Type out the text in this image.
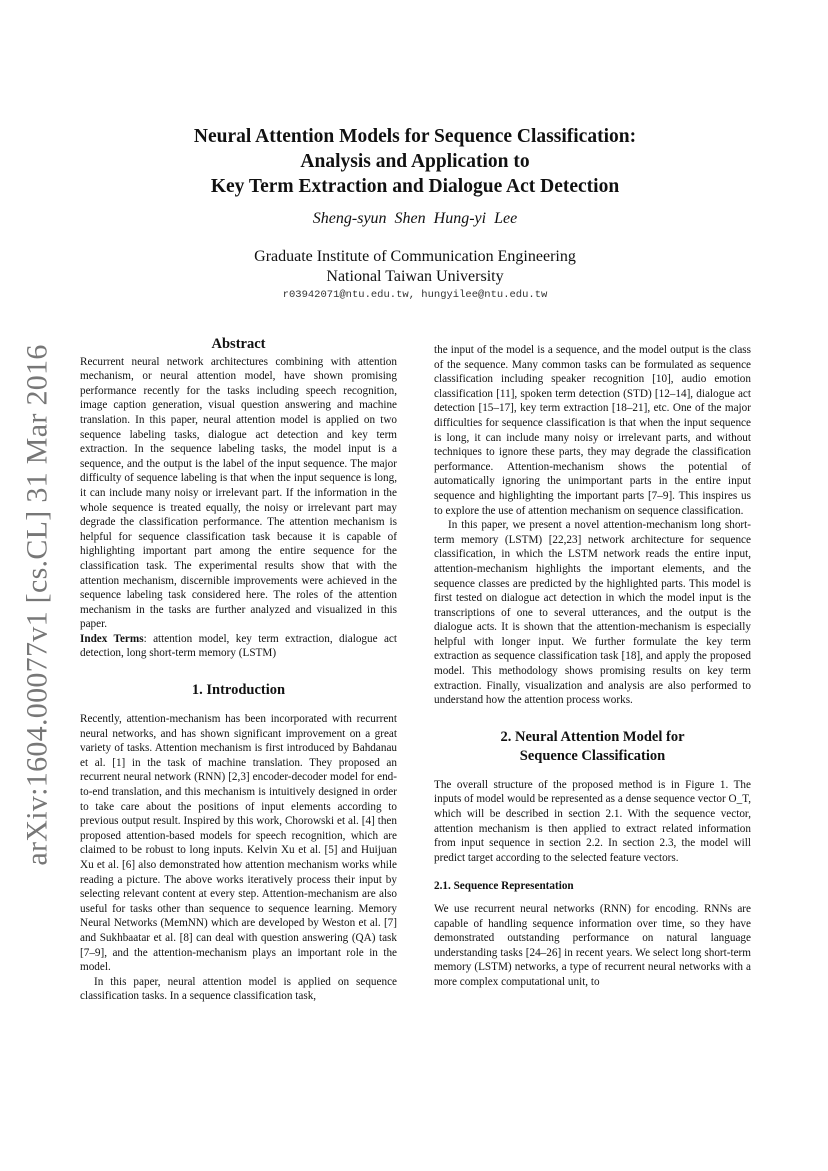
arXiv:1604.00077v1 [cs.CL] 31 Mar 2016
Neural Attention Models for Sequence Classification:
Analysis and Application to
Key Term Extraction and Dialogue Act Detection
Sheng-syun Shen Hung-yi Lee
Graduate Institute of Communication Engineering
National Taiwan University
r03942071@ntu.edu.tw, hungyilee@ntu.edu.tw
Abstract

Recurrent neural network architectures combining with attention mechanism, or neural attention model, have shown promising performance recently for the tasks including speech recognition, image caption generation, visual question answering and machine translation. In this paper, neural attention model is applied on two sequence labeling tasks, dialogue act detection and key term extraction. In the sequence labeling tasks, the model input is a sequence, and the output is the label of the input sequence. The major difficulty of sequence labeling is that when the input sequence is long, it can include many noisy or irrelevant part. If the information in the whole sequence is treated equally, the noisy or irrelevant part may degrade the classification performance. The attention mechanism is helpful for sequence classification task because it is capable of highlighting important part among the entire sequence for the classification task. The experimental results show that with the attention mechanism, discernible improvements were achieved in the sequence labeling task considered here. The roles of the attention mechanism in the tasks are further analyzed and visualized in this paper.

Index Terms: attention model, key term extraction, dialogue act detection, long short-term memory (LSTM)

1. Introduction

Recently, attention-mechanism has been incorporated with recurrent neural networks, and has shown significant improvement on a great variety of tasks. Attention mechanism is first introduced by Bahdanau et al. [1] in the task of machine translation. They proposed an recurrent neural network (RNN) [2,3] encoder-decoder model for end-to-end translation, and this mechanism is intuitively designed in order to take care about the positions of input elements according to previous output result. Inspired by this work, Chorowski et al. [4] then proposed attention-based models for speech recognition, which are claimed to be robust to long inputs. Kelvin Xu et al. [5] and Huijuan Xu et al. [6] also demonstrated how attention mechanism works while reading a picture. The above works iteratively process their input by selecting relevant content at every step. Attention-mechanism are also useful for tasks other than sequence to sequence learning. Memory Neural Networks (MemNN) which are developed by Weston et al. [7] and Sukhbaatar et al. [8] can deal with question answering (QA) task [7–9], and the attention-mechanism plays an important role in the model.

In this paper, neural attention model is applied on sequence classification tasks. In a sequence classification task,

the input of the model is a sequence, and the model output is the class of the sequence. Many common tasks can be formulated as sequence classification including speaker recognition [10], audio emotion classification [11], spoken term detection (STD) [12–14], dialogue act detection [15–17], key term extraction [18–21], etc. One of the major difficulties for sequence classification is that when the input sequence is long, it can include many noisy or irrelevant parts, and without techniques to ignore these parts, they may degrade the classification performance. Attention-mechanism shows the potential of automatically ignoring the unimportant parts in the entire input sequence and highlighting the important parts [7–9]. This inspires us to explore the use of attention mechanism on sequence classification.

In this paper, we present a novel attention-mechanism long short-term memory (LSTM) [22,23] network architecture for sequence classification, in which the LSTM network reads the entire input, attention-mechanism highlights the important elements, and the sequence classes are predicted by the highlighted parts. This model is first tested on dialogue act detection in which the model input is the transcriptions of one to several utterances, and the output is the dialogue acts. It is shown that the attention-mechanism is especially helpful with longer input. We further formulate the key term extraction as sequence classification task [18], and apply the proposed model. This methodology shows promising results on key term extraction. Finally, visualization and analysis are also performed to understand how the attention process works.

2. Neural Attention Model for
Sequence Classification

The overall structure of the proposed method is in Figure 1. The inputs of model would be represented as a dense sequence vector O_T, which will be described in section 2.1. With the sequence vector, attention mechanism is then applied to extract related information from input sequence in section 2.2. In section 2.3, the model will predict target according to the selected feature vectors.

2.1. Sequence Representation

We use recurrent neural networks (RNN) for encoding. RNNs are capable of handling sequence information over time, so they have demonstrated outstanding performance on natural language understanding tasks [24–26] in recent years. We select long short-term memory (LSTM) networks, a type of recurrent neural networks with a more complex computational unit, to
